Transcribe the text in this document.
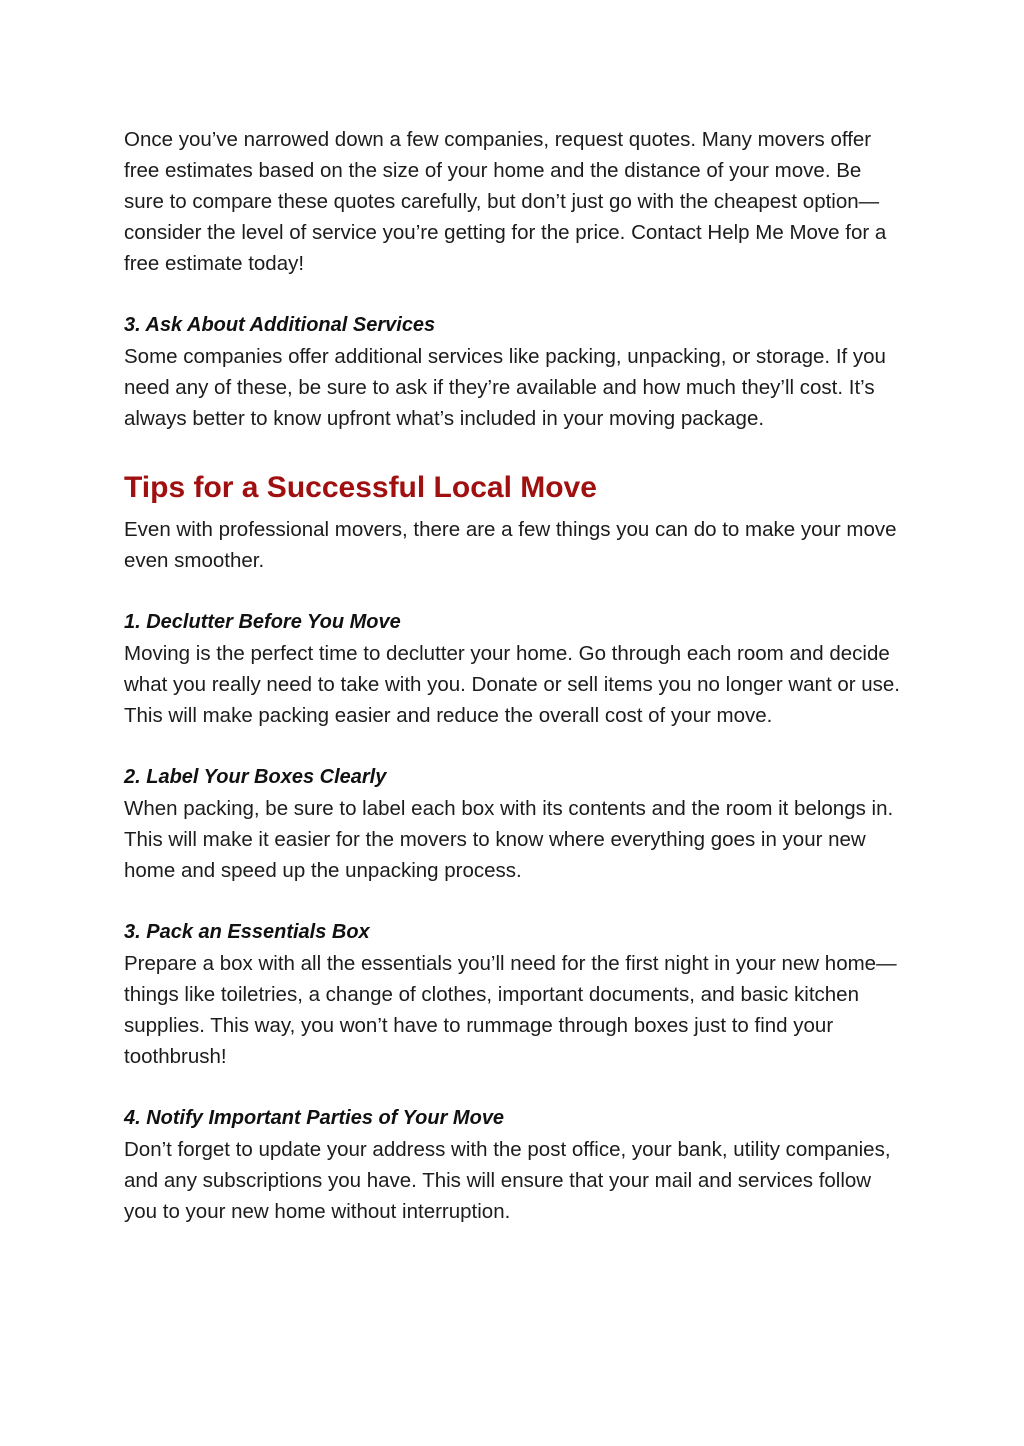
Once you’ve narrowed down a few companies, request quotes. Many movers offer free estimates based on the size of your home and the distance of your move. Be sure to compare these quotes carefully, but don’t just go with the cheapest option—consider the level of service you’re getting for the price. Contact Help Me Move for a free estimate today!

3. Ask About Additional Services

Some companies offer additional services like packing, unpacking, or storage. If you need any of these, be sure to ask if they’re available and how much they’ll cost. It’s always better to know upfront what’s included in your moving package.

Tips for a Successful Local Move

Even with professional movers, there are a few things you can do to make your move even smoother.

1. Declutter Before You Move

Moving is the perfect time to declutter your home. Go through each room and decide what you really need to take with you. Donate or sell items you no longer want or use. This will make packing easier and reduce the overall cost of your move.

2. Label Your Boxes Clearly

When packing, be sure to label each box with its contents and the room it belongs in. This will make it easier for the movers to know where everything goes in your new home and speed up the unpacking process.

3. Pack an Essentials Box

Prepare a box with all the essentials you’ll need for the first night in your new home—things like toiletries, a change of clothes, important documents, and basic kitchen supplies. This way, you won’t have to rummage through boxes just to find your toothbrush!

4. Notify Important Parties of Your Move

Don’t forget to update your address with the post office, your bank, utility companies, and any subscriptions you have. This will ensure that your mail and services follow you to your new home without interruption.
